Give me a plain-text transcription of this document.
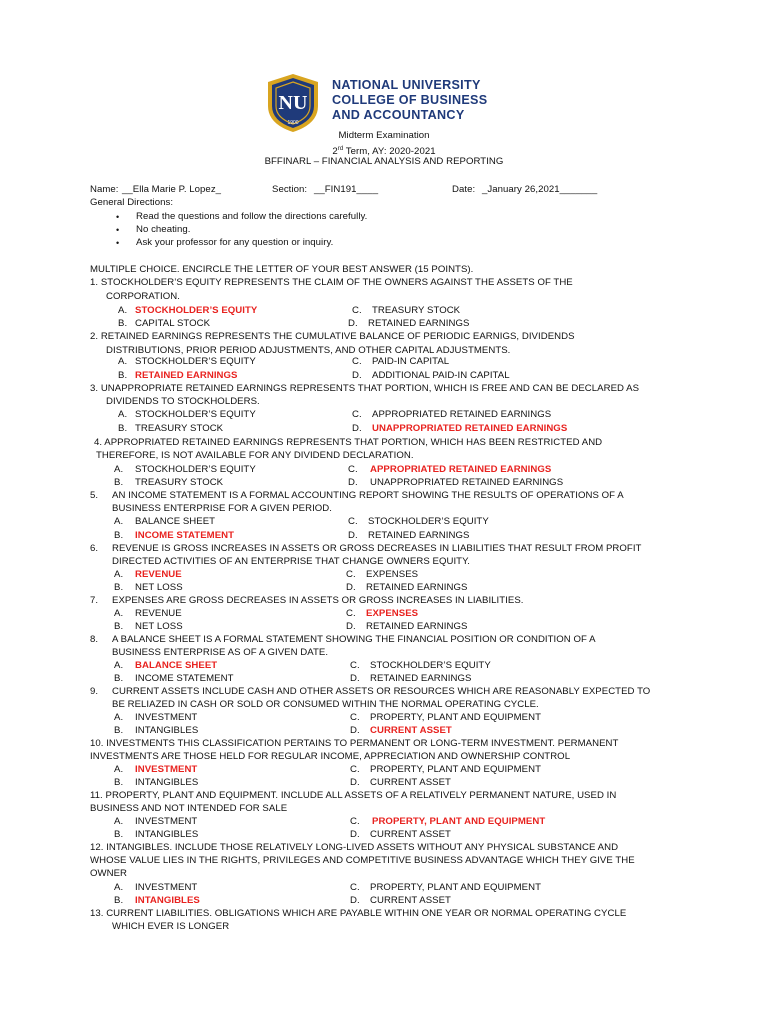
NU
1900
NATIONAL UNIVERSITY
COLLEGE OF BUSINESS
AND ACCOUNTANCY
Midterm Examination
2rd Term, AY: 2020-2021
BFFINARL – FINANCIAL ANALYSIS AND REPORTING
Name: __Ella Marie P. Lopez_	Section: __FIN191____	Date: _January 26,2021_______
General Directions:
• Read the questions and follow the directions carefully.
• No cheating.
• Ask your professor for any question or inquiry.
MULTIPLE CHOICE. ENCIRCLE THE LETTER OF YOUR BEST ANSWER (15 POINTS).
1. STOCKHOLDER’S EQUITY REPRESENTS THE CLAIM OF THE OWNERS AGAINST THE ASSETS OF THE
CORPORATION.
A. STOCKHOLDER’S EQUITY	C. TREASURY STOCK
B. CAPITAL STOCK	D. RETAINED EARNINGS
2. RETAINED EARNINGS REPRESENTS THE CUMULATIVE BALANCE OF PERIODIC EARNIGS, DIVIDENDS
DISTRIBUTIONS, PRIOR PERIOD ADJUSTMENTS, AND OTHER CAPITAL ADJUSTMENTS.
A. STOCKHOLDER’S EQUITY	C. PAID-IN CAPITAL
B. RETAINED EARNINGS	D. ADDITIONAL PAID-IN CAPITAL
3. UNAPPROPRIATE RETAINED EARNINGS REPRESENTS THAT PORTION, WHICH IS FREE AND CAN BE DECLARED AS
DIVIDENDS TO STOCKHOLDERS.
A. STOCKHOLDER’S EQUITY	C. APPROPRIATED RETAINED EARNINGS
B. TREASURY STOCK	D. UNAPPROPRIATED RETAINED EARNINGS
4. APPROPRIATED RETAINED EARNINGS REPRESENTS THAT PORTION, WHICH HAS BEEN RESTRICTED AND
THEREFORE, IS NOT AVAILABLE FOR ANY DIVIDEND DECLARATION.
A. STOCKHOLDER’S EQUITY	C. APPROPRIATED RETAINED EARNINGS
B. TREASURY STOCK	D. UNAPPROPRIATED RETAINED EARNINGS
5. AN INCOME STATEMENT IS A FORMAL ACCOUNTING REPORT SHOWING THE RESULTS OF OPERATIONS OF A
BUSINESS ENTERPRISE FOR A GIVEN PERIOD.
A. BALANCE SHEET	C. STOCKHOLDER’S EQUITY
B. INCOME STATEMENT	D. RETAINED EARNINGS
6. REVENUE IS GROSS INCREASES IN ASSETS OR GROSS DECREASES IN LIABILITIES THAT RESULT FROM PROFIT
DIRECTED ACTIVITIES OF AN ENTERPRISE THAT CHANGE OWNERS EQUITY.
A. REVENUE	C. EXPENSES
B. NET LOSS	D. RETAINED EARNINGS
7. EXPENSES ARE GROSS DECREASES IN ASSETS OR GROSS INCREASES IN LIABILITIES.
A. REVENUE	C. EXPENSES
B. NET LOSS	D. RETAINED EARNINGS
8. A BALANCE SHEET IS A FORMAL STATEMENT SHOWING THE FINANCIAL POSITION OR CONDITION OF A
BUSINESS ENTERPRISE AS OF A GIVEN DATE.
A. BALANCE SHEET	C. STOCKHOLDER’S EQUITY
B. INCOME STATEMENT	D. RETAINED EARNINGS
9. CURRENT ASSETS INCLUDE CASH AND OTHER ASSETS OR RESOURCES WHICH ARE REASONABLY EXPECTED TO
BE RELIAZED IN CASH OR SOLD OR CONSUMED WITHIN THE NORMAL OPERATING CYCLE.
A. INVESTMENT	C. PROPERTY, PLANT AND EQUIPMENT
B. INTANGIBLES	D. CURRENT ASSET
10. INVESTMENTS THIS CLASSIFICATION PERTAINS TO PERMANENT OR LONG-TERM INVESTMENT. PERMANENT
INVESTMENTS ARE THOSE HELD FOR REGULAR INCOME, APPRECIATION AND OWNERSHIP CONTROL
A. INVESTMENT	C. PROPERTY, PLANT AND EQUIPMENT
B. INTANGIBLES	D. CURRENT ASSET
11. PROPERTY, PLANT AND EQUIPMENT. INCLUDE ALL ASSETS OF A RELATIVELY PERMANENT NATURE, USED IN
BUSINESS AND NOT INTENDED FOR SALE
A. INVESTMENT	C. PROPERTY, PLANT AND EQUIPMENT
B. INTANGIBLES	D. CURRENT ASSET
12. INTANGIBLES. INCLUDE THOSE RELATIVELY LONG-LIVED ASSETS WITHOUT ANY PHYSICAL SUBSTANCE AND
WHOSE VALUE LIES IN THE RIGHTS, PRIVILEGES AND COMPETITIVE BUSINESS ADVANTAGE WHICH THEY GIVE THE
OWNER
A. INVESTMENT	C. PROPERTY, PLANT AND EQUIPMENT
B. INTANGIBLES	D. CURRENT ASSET
13. CURRENT LIABILITIES. OBLIGATIONS WHICH ARE PAYABLE WITHIN ONE YEAR OR NORMAL OPERATING CYCLE
WHICH EVER IS LONGER
